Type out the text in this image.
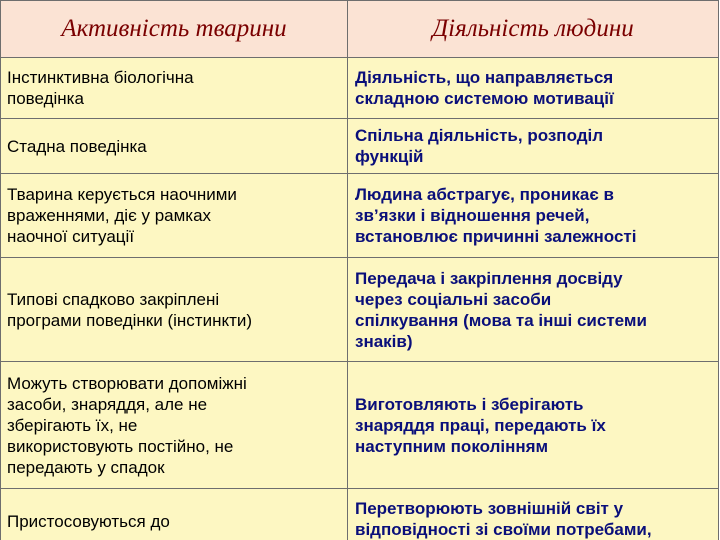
Активність тварини	Діяльність людини
Інстинктивна біологічна
поведінка
Діяльність, що направляється
складною системою мотивації
Стадна поведінка
Спільна діяльність, розподіл
функцій
Тварина керується наочними
враженнями, діє у рамках
наочної ситуації
Людина абстрагує, проникає в
зв’язки і відношення речей,
встановлює причинні залежності
Типові спадково закріплені
програми поведінки (інстинкти)
Передача і закріплення досвіду
через соціальні засоби
спілкування (мова та інші системи
знаків)
Можуть створювати допоміжні
засоби, знаряддя, але не
зберігають їх, не
використовують постійно, не
передають у спадок
Виготовляють і зберігають
знаряддя праці, передають їх
наступним поколінням
Пристосовуються до
Перетворюють зовнішній світ у
відповідності зі своїми потребами,
